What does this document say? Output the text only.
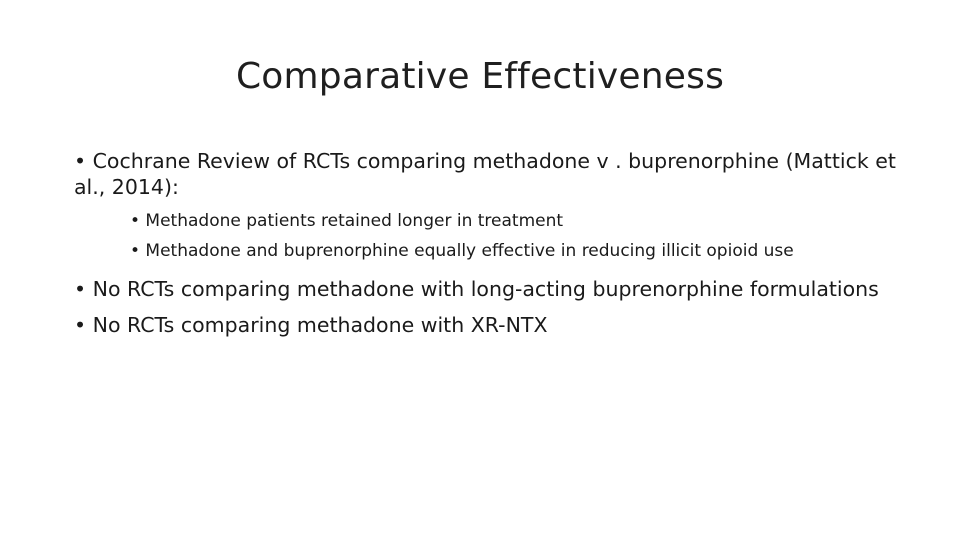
Comparative Effectiveness
• Cochrane Review of RCTs comparing methadone v . buprenorphine (Mattick et al., 2014):
• Methadone patients retained longer in treatment
• Methadone and buprenorphine equally effective in reducing illicit opioid use
• No RCTs comparing methadone with long-acting buprenorphine formulations
• No RCTs comparing methadone with XR-NTX
